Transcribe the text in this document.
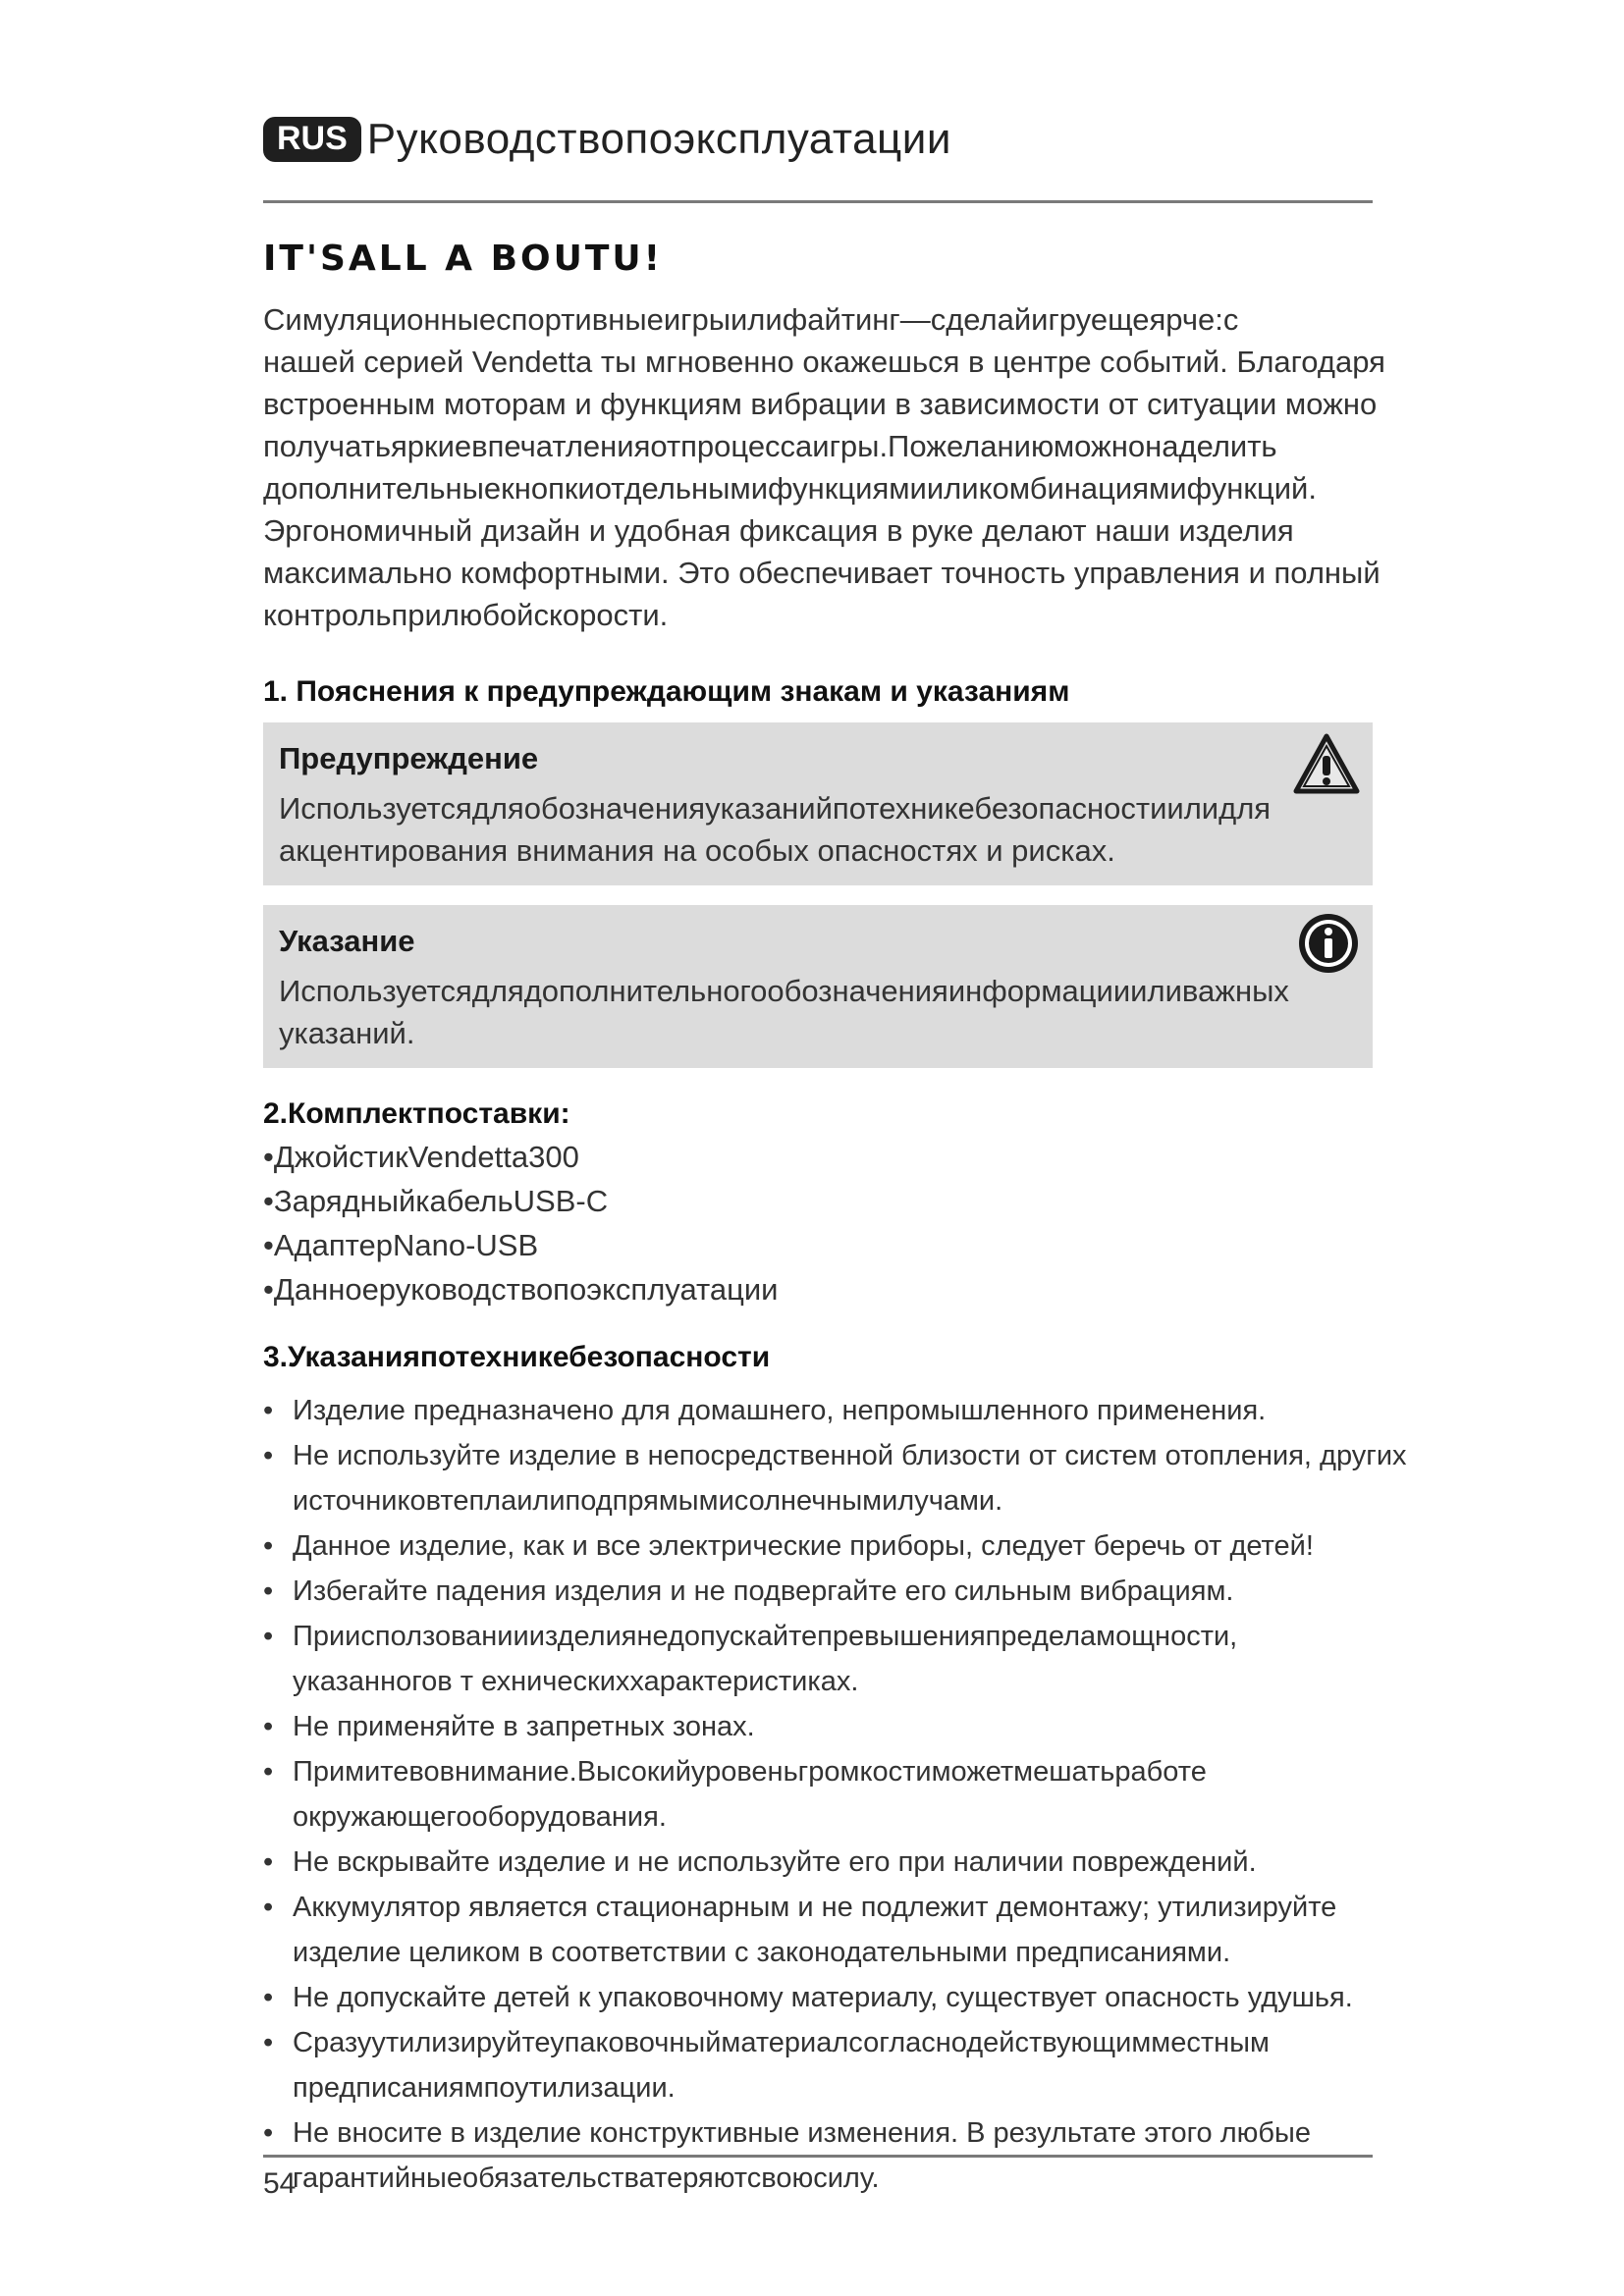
RUS Руководствопоэксплуатации
IT'SALL A BOUTU!

Симуляционныеспортивныеигрыилифайтинг—сделайигруещеярче:с

нашей серией Vendetta ты мгновенно окажешься в центре событий. Благодаря

встроенным моторам и функциям вибрации в зависимости от ситуации можно

получатьяркиевпечатленияотпроцессаигры.Пожеланиюможнонаделить

дополнительныекнопкиотдельнымифункциямииликомбинациямифункций.

Эргономичный дизайн и удобная фиксация в руке делают наши изделия

максимально комфортными. Это обеспечивает точность управления и полный

контрольприлюбойскорости.

1. Пояснения к предупреждающим знакам и указаниям
Предупреждение
Используетсядляобозначенияуказанийпотехникебезопасностиилидля
акцентирования внимания на особых опасностях и рисках.
Указание
Используетсядлядополнительногообозначенияинформациииливажных
указаний.
2.Комплектпоставки:
•ДжойстикVendetta300
•ЗарядныйкабельUSB-C
•АдаптерNano-USB
•Данноеруководствопоэксплуатации
3.Указанияпотехникебезопасности
• Изделие предназначено для домашнего, непромышленного применения.
• Не используйте изделие в непосредственной близости от систем отопления, других
источниковтеплаилиподпрямымисолнечнымилучами.
• Данное изделие, как и все электрические приборы, следует беречь от детей!
• Избегайте падения изделия и не подвергайте его сильным вибрациям.
• Приисползованииизделиянедопускайтепревышенияпределамощности,
указанногов т ехническиххарактеристиках.
• Не применяйте в запретных зонах.
• Примитевовнимание.Высокийуровеньгромкостиможетмешатьработе
окружающегооборудования.
• Не вскрывайте изделие и не используйте его при наличии повреждений.
• Аккумулятор является стационарным и не подлежит демонтажу; утилизируйте
изделие целиком в соответствии с законодательными предписаниями.
• Не допускайте детей к упаковочному материалу, существует опасность удушья.
• Сразуутилизируйтеупаковочныйматериалсогласнодействующимместным
предписаниямпоутилизации.
• Не вносите в изделие конструктивные изменения. В результате этого любые
гарантийныеобязательстватеряютсвоюсилу.
54
